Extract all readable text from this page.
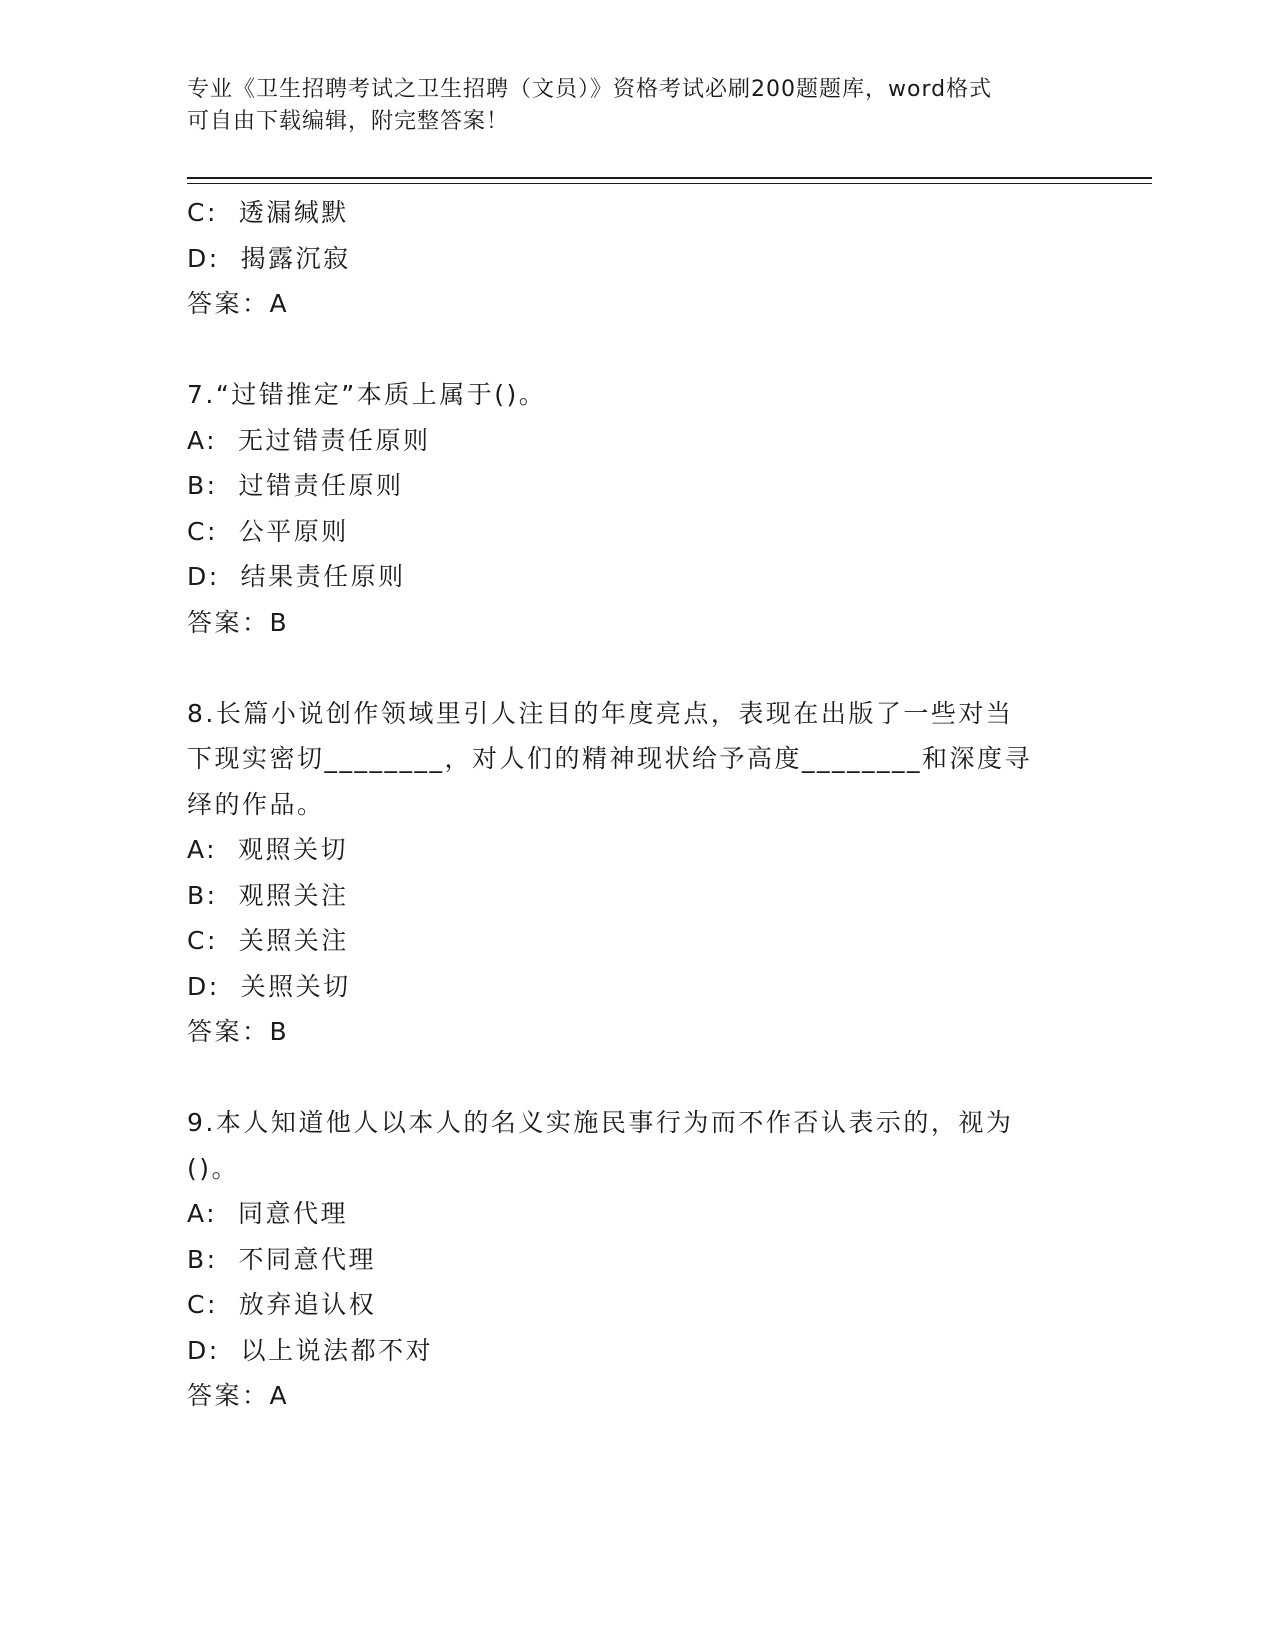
专业《卫生招聘考试之卫生招聘（文员）》资格考试必刷200题题库，word格式
可自由下载编辑，附完整答案！
C: 透漏缄默
D: 揭露沉寂
答案：A
7.“过错推定”本质上属于()。
A: 无过错责任原则
B: 过错责任原则
C: 公平原则
D: 结果责任原则
答案：B
8.长篇小说创作领域里引人注目的年度亮点，表现在出版了一些对当
下现实密切________，对人们的精神现状给予高度________和深度寻
绎的作品。
A: 观照关切
B: 观照关注
C: 关照关注
D: 关照关切
答案：B
9.本人知道他人以本人的名义实施民事行为而不作否认表示的，视为
()。
A: 同意代理
B: 不同意代理
C: 放弃追认权
D: 以上说法都不对
答案：A
